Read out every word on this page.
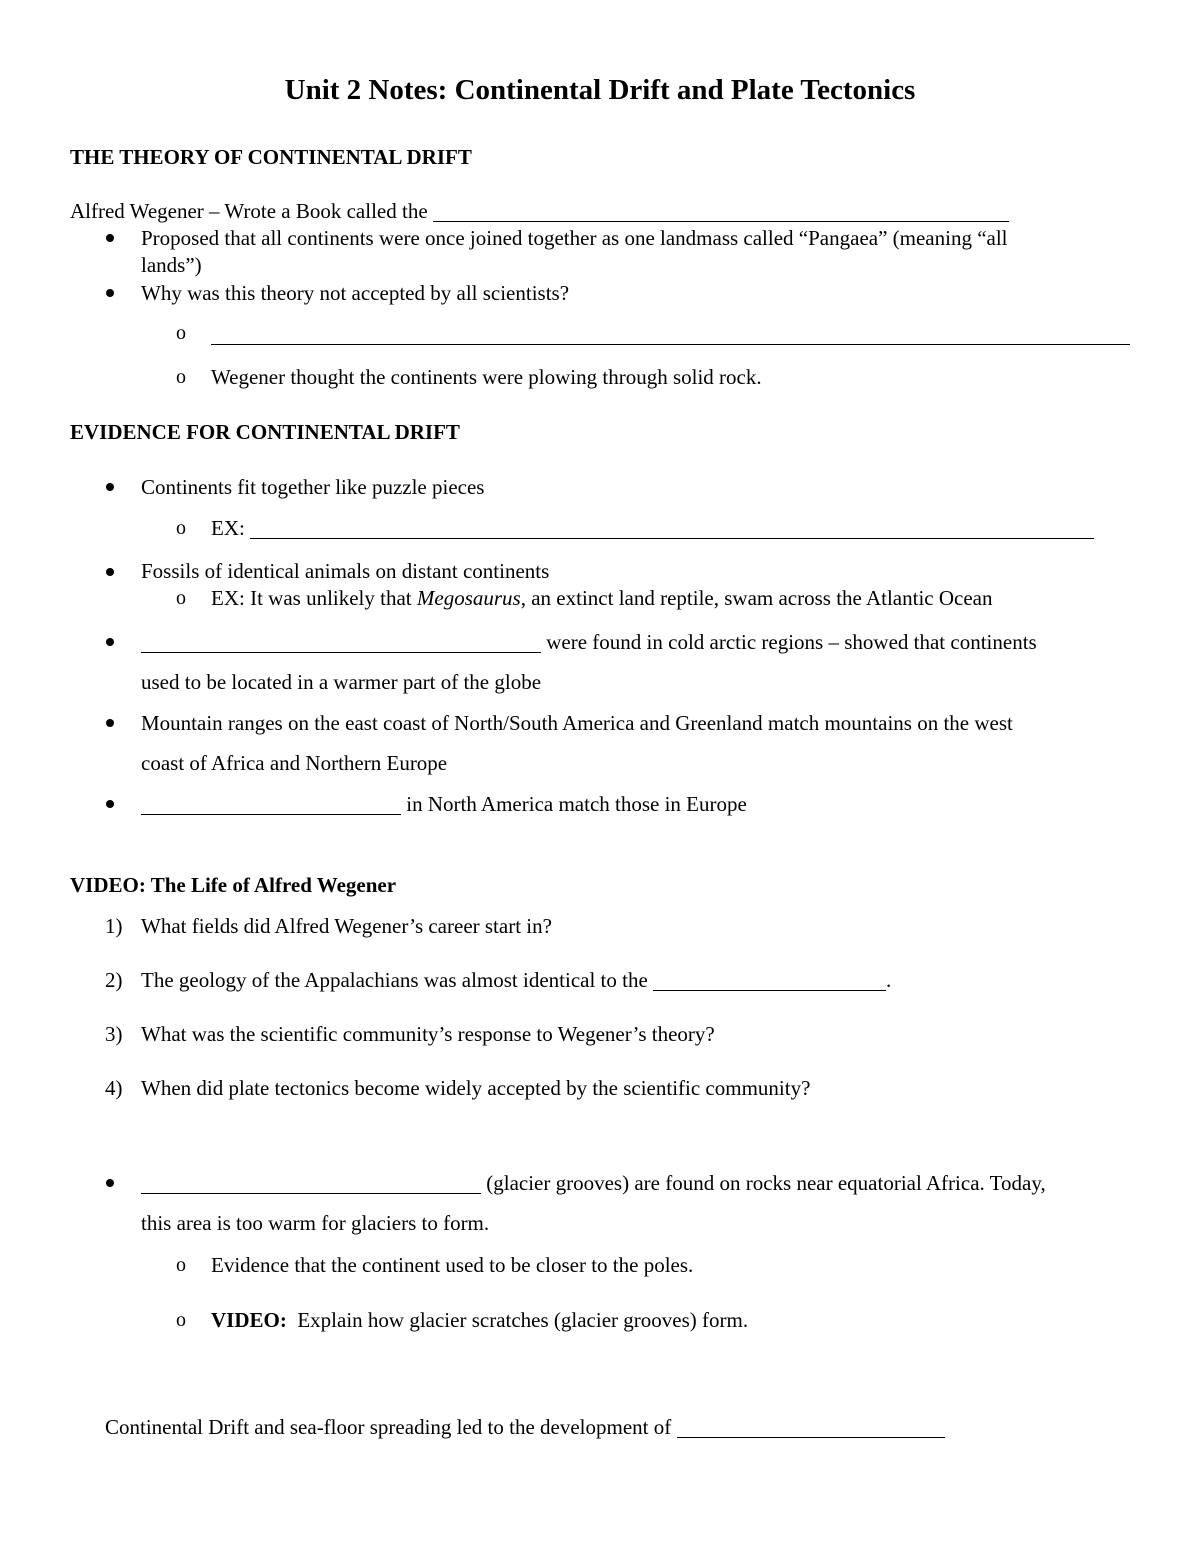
Unit 2 Notes: Continental Drift and Plate Tectonics
THE THEORY OF CONTINENTAL DRIFT
Alfred Wegener – Wrote a Book called the
Proposed that all continents were once joined together as one landmass called “Pangaea” (meaning “all
lands”)
Why was this theory not accepted by all scientists?
o
o Wegener thought the continents were plowing through solid rock.
EVIDENCE FOR CONTINENTAL DRIFT
Continents fit together like puzzle pieces
o EX:
Fossils of identical animals on distant continents
o EX: It was unlikely that Megosaurus, an extinct land reptile, swam across the Atlantic Ocean
were found in cold arctic regions – showed that continents
used to be located in a warmer part of the globe
Mountain ranges on the east coast of North/South America and Greenland match mountains on the west
coast of Africa and Northern Europe
in North America match those in Europe
VIDEO: The Life of Alfred Wegener
1) What fields did Alfred Wegener’s career start in?
2) The geology of the Appalachians was almost identical to the	.
3) What was the scientific community’s response to Wegener’s theory?
4) When did plate tectonics become widely accepted by the scientific community?
(glacier grooves) are found on rocks near equatorial Africa. Today,
this area is too warm for glaciers to form.
o Evidence that the continent used to be closer to the poles.
o VIDEO: Explain how glacier scratches (glacier grooves) form.
Continental Drift and sea-floor spreading led to the development of
